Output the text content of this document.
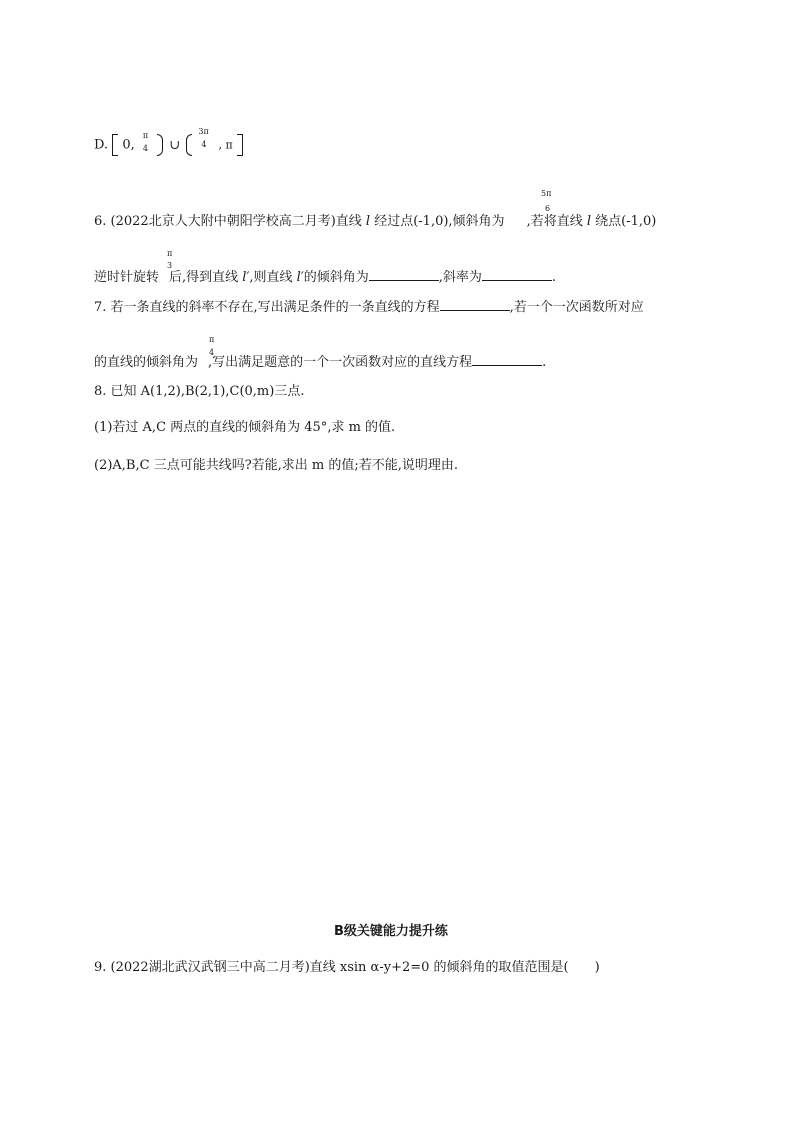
D. 0,
π
4 ∪
3π
4 , π
5π
6
6. (2022北京人大附中朝阳学校高二月考)直线 l 经过点(-1,0),倾斜角为 ,若将直线 l 绕点(-1,0)
π
3
逆时针旋转 后,得到直线 l′,则直线 l′的倾斜角为	,斜率为	.
7. 若一条直线的斜率不存在,写出满足条件的一条直线的方程	,若一个一次函数所对应
π
4
的直线的倾斜角为 ,写出满足题意的一个一次函数对应的直线方程	.
8. 已知 A(1,2),B(2,1),C(0,m)三点.
(1)若过 A,C 两点的直线的倾斜角为 45°,求 m 的值.
(2)A,B,C 三点可能共线吗?若能,求出 m 的值;若不能,说明理由.
B级关键能力提升练
9. (2022湖北武汉武钢三中高二月考)直线 xsin α-y+2=0 的倾斜角的取值范围是(　　)
